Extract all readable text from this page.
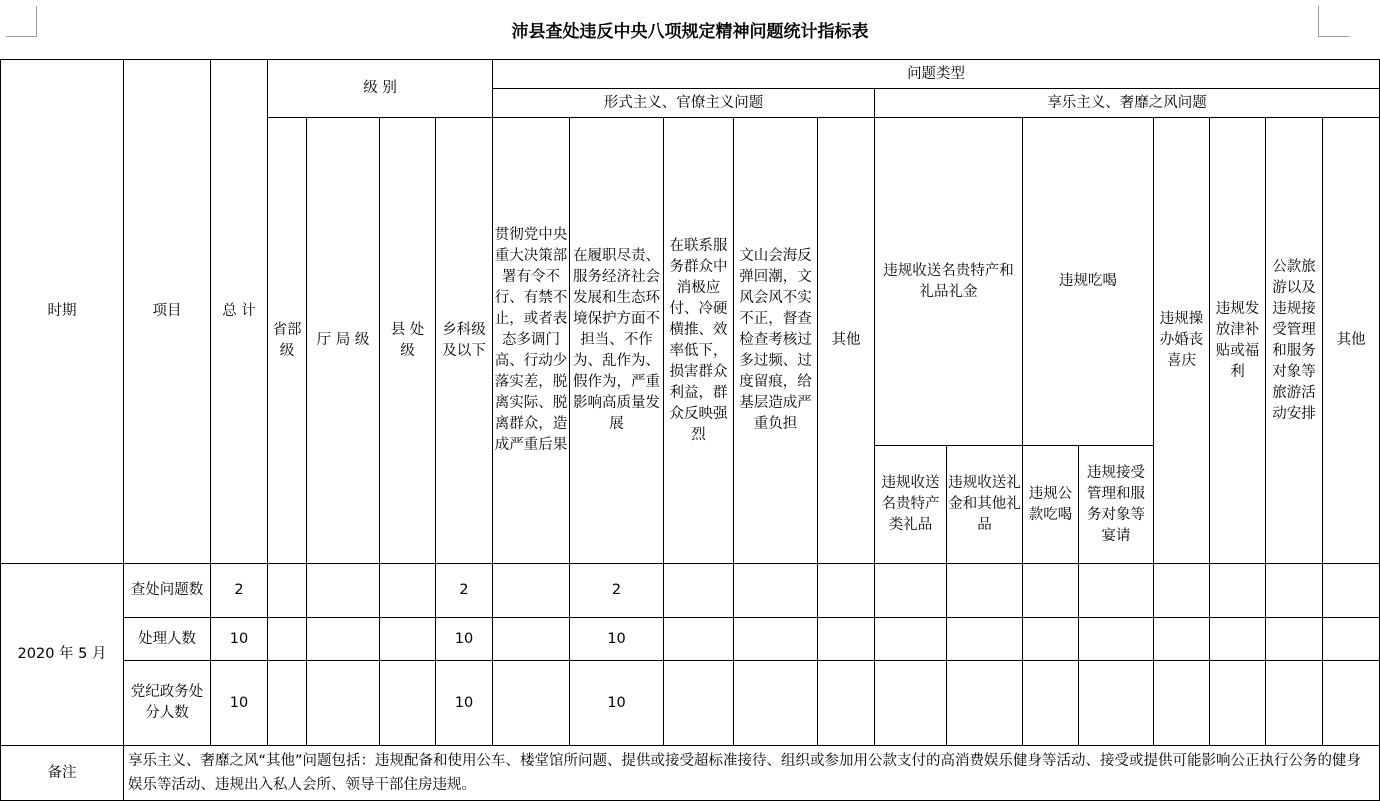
沛县查处违反中央八项规定精神问题统计指标表
时期	项目	总 计	级 别				问题类型												
							形式主义、官僚主义问题					享乐主义、奢靡之风问题							
			省部级	厅 局 级	县 处 级	乡科级及以下	贯彻党中央重大决策部署有令不行、有禁不止，或者表态多调门高、行动少落实差，脱离实际、脱离群众，造成严重后果	在履职尽责、服务经济社会发展和生态环境保护方面不担当、不作为、乱作为、假作为，严重影响高质量发展	在联系服务群众中消极应付、冷硬横推、效率低下，损害群众利益，群众反映强烈	文山会海反弹回潮，文风会风不实不正，督查检查考核过多过频、过度留痕，给基层造成严重负担	其他	违规收送名贵特产和礼品礼金		违规吃喝		违规操办婚丧喜庆	违规发放津补贴或福利	公款旅游以及违规接受管理和服务对象等旅游活动安排	其他
												违规收送名贵特产类礼品	违规收送礼金和其他礼品	违规公款吃喝	违规接受管理和服务对象等宴请				
2020 年 5 月	查处问题数	2				2		2											
	处理人数	10				10		10											
	党纪政务处分人数	10				10		10											
备注	享乐主义、奢靡之风“其他”问题包括：违规配备和使用公车、楼堂馆所问题、提供或接受超标准接待、组织或参加用公款支付的高消费娱乐健身等活动、接受或提供可能影响公正执行公务的健身娱乐等活动、违规出入私人会所、领导干部住房违规。																		
